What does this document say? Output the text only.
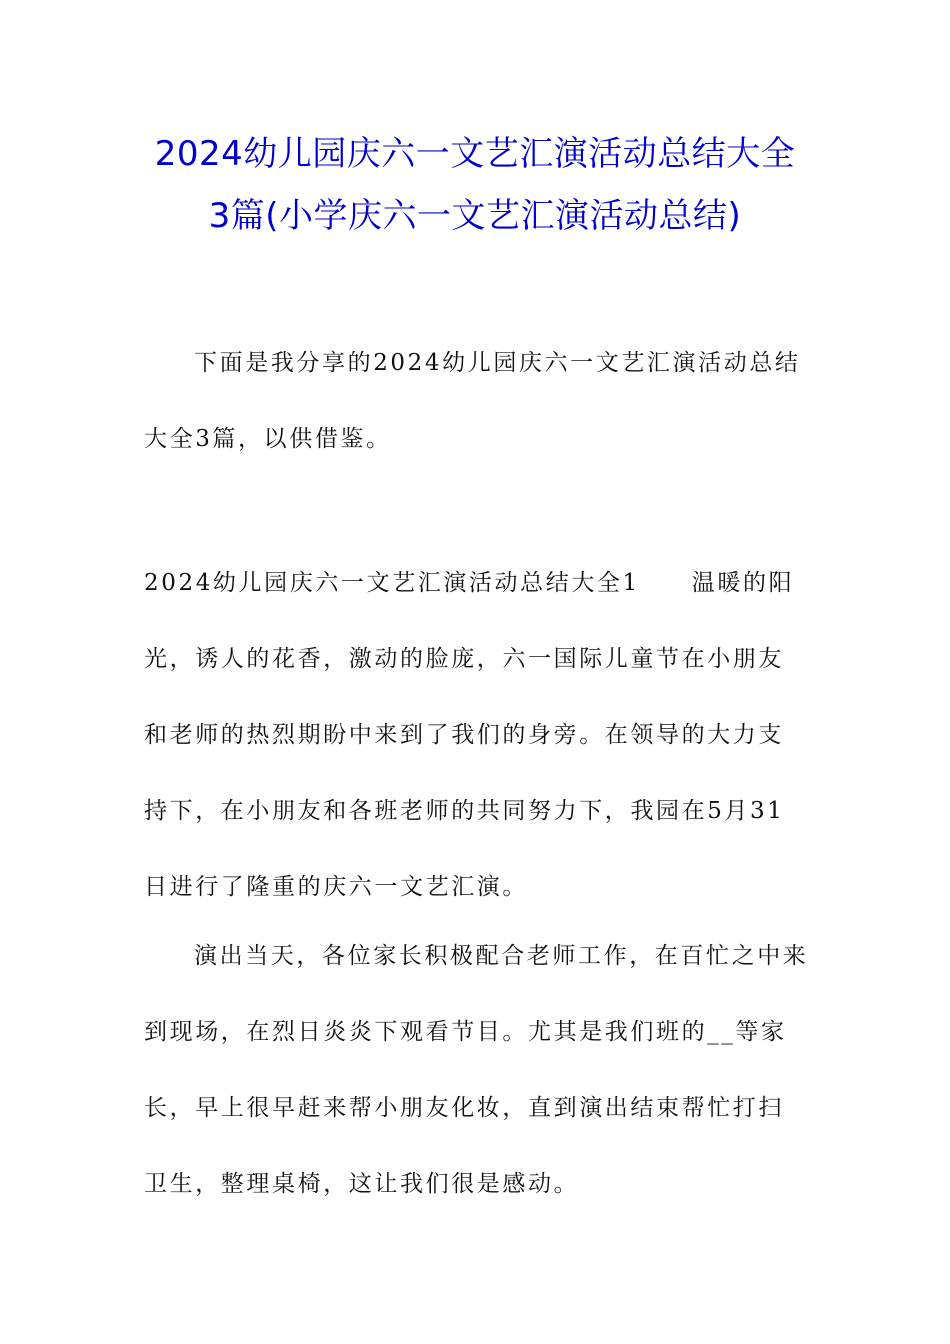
2024幼儿园庆六一文艺汇演活动总结大全
3篇(小学庆六一文艺汇演活动总结)

下面是我分享的2024幼儿园庆六一文艺汇演活动总结大全3篇，以供借鉴。

2024幼儿园庆六一文艺汇演活动总结大全1 温暖的阳光，诱人的花香，激动的脸庞，六一国际儿童节在小朋友和老师的热烈期盼中来到了我们的身旁。在领导的大力支持下，在小朋友和各班老师的共同努力下，我园在5月31日进行了隆重的庆六一文艺汇演。

演出当天，各位家长积极配合老师工作，在百忙之中来到现场，在烈日炎炎下观看节目。尤其是我们班的__等家长，早上很早赶来帮小朋友化妆，直到演出结束帮忙打扫卫生，整理桌椅，这让我们很是感动。
